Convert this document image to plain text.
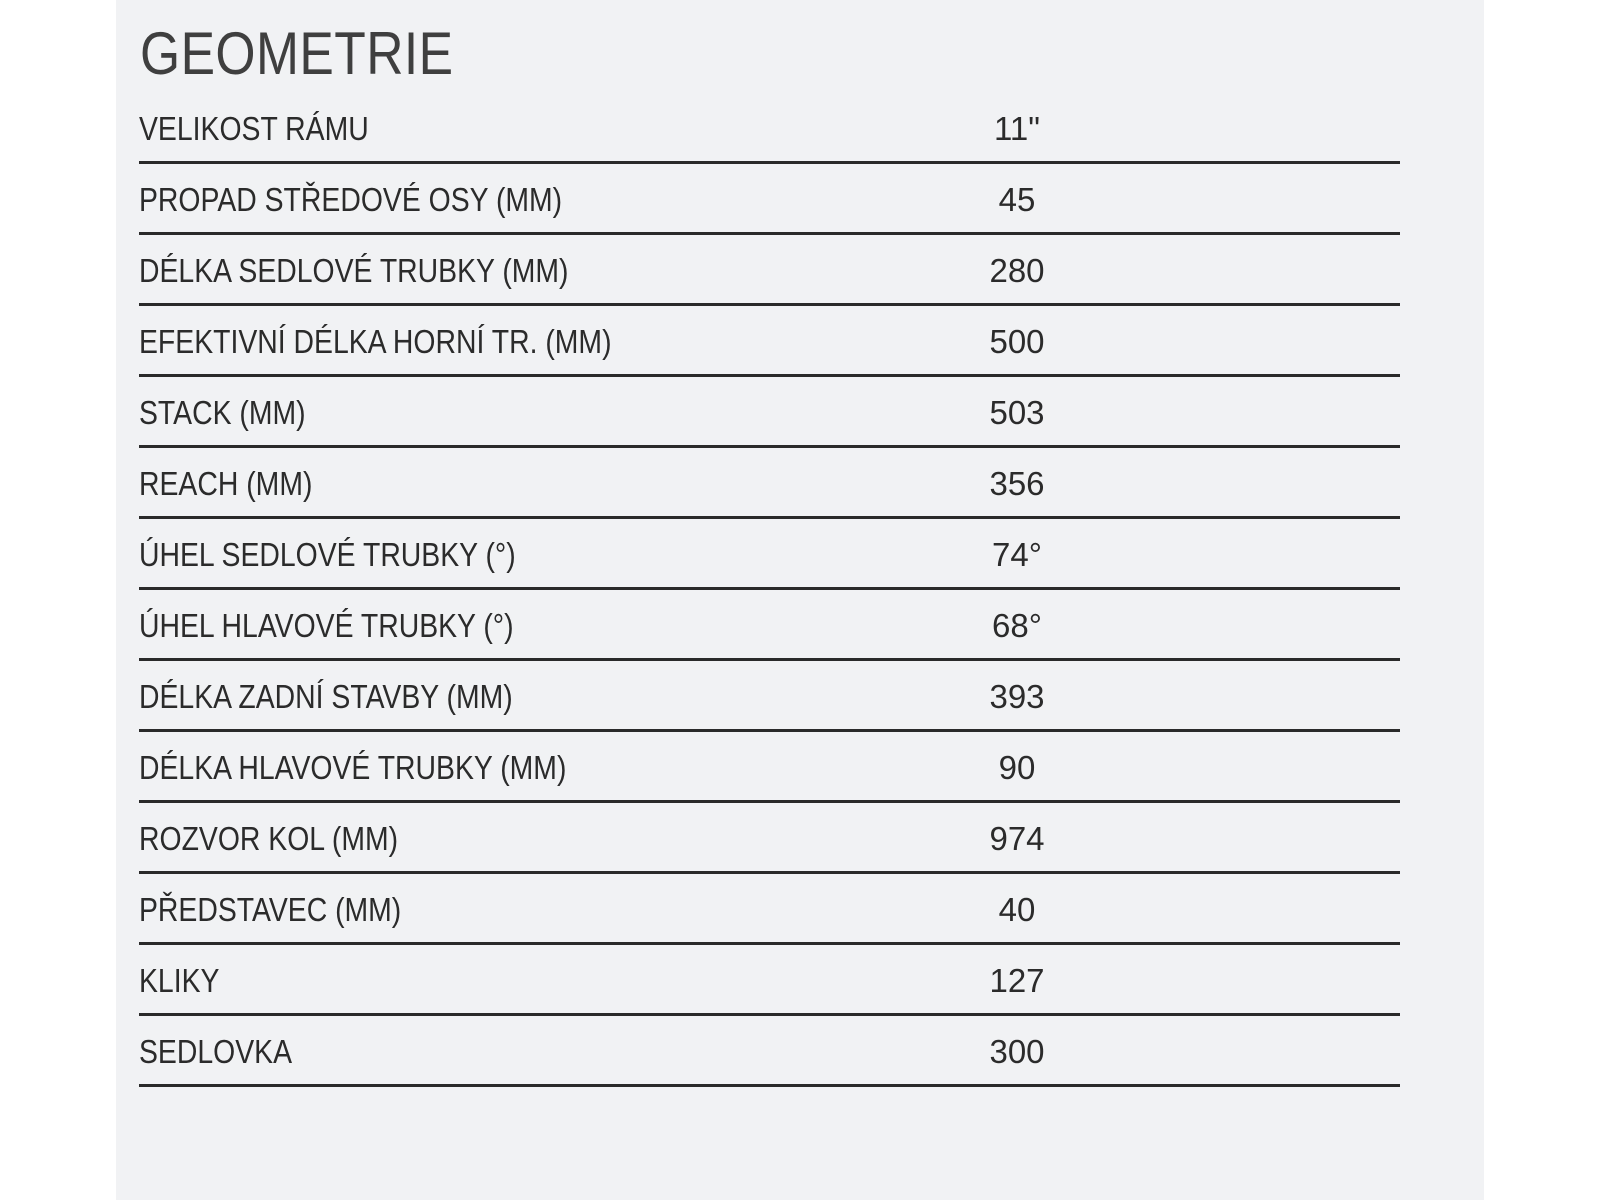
GEOMETRIE
VELIKOST RÁMU	11"
PROPAD STŘEDOVÉ OSY (MM)	45
DÉLKA SEDLOVÉ TRUBKY (MM)	280
EFEKTIVNÍ DÉLKA HORNÍ TR. (MM)	500
STACK (MM)	503
REACH (MM)	356
ÚHEL SEDLOVÉ TRUBKY (°)	74°
ÚHEL HLAVOVÉ TRUBKY (°)	68°
DÉLKA ZADNÍ STAVBY (MM)	393
DÉLKA HLAVOVÉ TRUBKY (MM)	90
ROZVOR KOL (MM)	974
PŘEDSTAVEC (MM)	40
KLIKY	127
SEDLOVKA	300
